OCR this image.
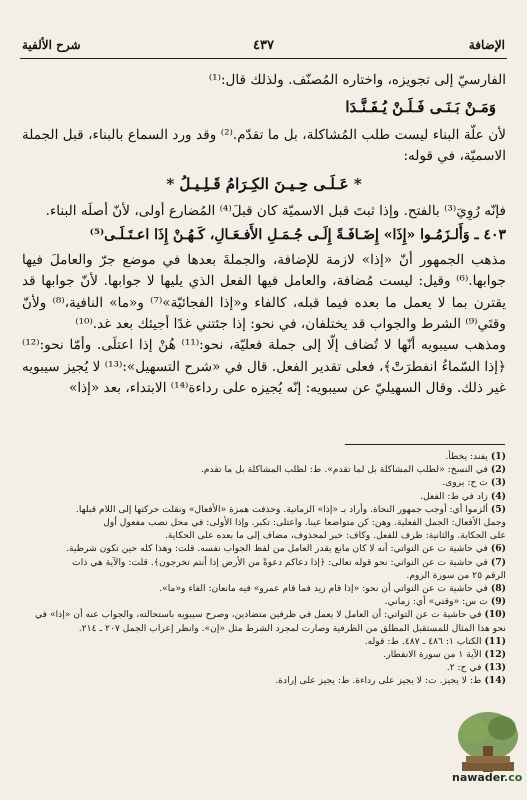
الإضافة
٤٣٧
شرح الألفية

الفارسيّ إلى تجويزه، واختاره المُصنّف. ولذلك قال:⁽¹⁾

وَمَـنْ بَـنَـى فَـلَـنْ يُـفَـنَّـدَا

لأن علّة البناء ليست طلب المُشاكلة، بل ما تقدّم.⁽²⁾ وقد ورد السماع بالبناء، قبل الجملة الاسميّة، في قوله:

* عَـلَـى حِـيـنَ الكِـرَامُ قَـلِـيـلُ *

فإنّه رُوِيَ⁽³⁾ بالفتح. وإذا ثبتَ قبل الاسميّة كان قبلَ⁽⁴⁾ المُضارع أولى، لأنّ أصلَه البناء.

٤٠٣ ـ وَأَلـزَمُـوا «إِذَا» إِضَـافَـةً إِلَـى جُـمَـلِ الأَفـعَـالِ، كَـهُـنْ إِذَا اعـتَـلَـى⁽⁵⁾

مذهب الجمهور أنّ «إذا» لازمة للإضافة، والجملةَ بعدها في موضع جرّ والعاملَ فيها جوابها.⁽⁶⁾ وقيل: ليست مُضافة، والعامل فيها الفعل الذي يليها لا جوابها. لأنّ جوابها قد يقترن بما لا يعمل ما بعده فيما قبله، كالفاء و«إذا الفجائيّة»⁽⁷⁾ و«ما» النافية،⁽⁸⁾ ولأنّ وقتَي⁽⁹⁾ الشرط والجواب قد يختلفان، في نحو: إذا جئتني غدًا أجيئك بعد غد.⁽¹⁰⁾

ومذهب سيبويه أنّها لا تُضاف إلّا إلى جملة فعليّة، نحو:⁽¹¹⁾ هُنْ إذا اعتلَى. وأمّا نحو:⁽¹²⁾ ﴿إذا السّماءُ انفطرَتْ﴾، فعلى تقدير الفعل. قال في «شرح التسهيل»:⁽¹³⁾ لا يُجيز سيبويه غير ذلك. وقال السهيليّ عن سيبويه: إنّه يُجيزه على رداءة⁽¹⁴⁾ الابتداء، بعد «إذا»

(1) يفند: يخطأ.

(2) في النسخ: «لطلب المشاكلة بل لما تقدم». ط: لطلب المشاكلة بل ما تقدم.

(3) ت ح: يروى.

(4) زاد في ط: الفعل.

(5) ألزموا أي: أوجب جمهور النحاة. وأراد بـ «إذا» الزمانية. وحذفت همزة «الأفعال» ونقلت حركتها إلى اللام قبلها.

وجمل الأفعال: الجمل الفعلية. وهن: كن متواضعا عينا. واعتلى: تكبر. وإذا الأولى: في محل نصب مفعول أول

على الحكاية. والثانية: ظرف للفعل. وكاف: خبر لمحذوف، مضاف إلى ما بعده على الحكاية.

(6) في حاشية ت عن التواتي: أنه لا كان مانع يقدر العامل من لفظ الجواب نفسه. قلت: وهذا كله حين تكون شرطية.

(7) في حاشية ت عن التواتي: نحو قوله تعالى: ﴿إذا دعاكم دعوةً من الأرض إذا أنتم تخرجون﴾. قلت: والآية هي ذات

الرقم ٢٥ من سورة الروم.

(8) في حاشية ت عن التواتي أن نحو: «إذا قام زيد فما قام عمرو» فيه مانعان: الفاء و«ما».

(9) ت س: «وقتي» أي: زماني.

(10) في حاشية ت عن التواتي: أن العامل لا يعمل في ظرفين متضادين، وصرح سيبويه باستحالته، والجواب عنه أن «إذا» في

نحو هذا المثال للمستقبل المطلق من الظرفية وصارت لمجرد الشرط مثل «إن». وانظر إعراب الجمل ٢٠٧ ـ ٢١٤.

(11) الكتاب ١: ٤٨٦ ـ ٤٨٧. ط: قوله.

(12) الآية ١ من سورة الانفطار.

(13) في ح: ٢.

(14) ط: لا يجيز. ت: لا يجيز على رداءة. ط: يجيز على إرادة.

nawader.co
